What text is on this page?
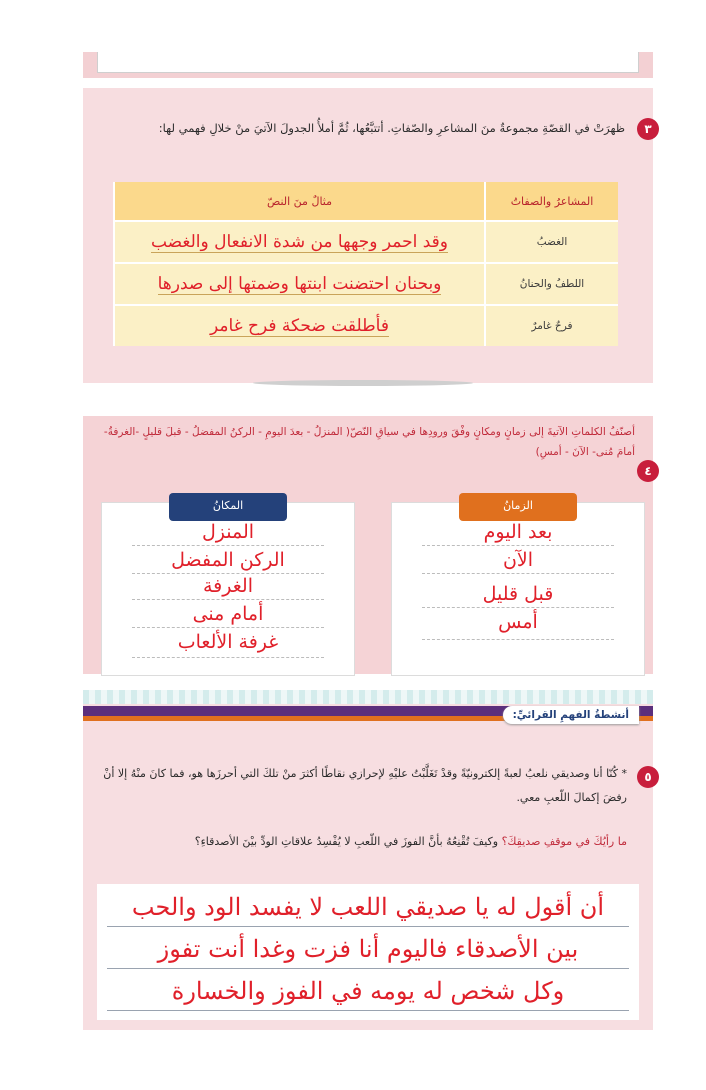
٣
ظهرَتْ في القصّةِ مجموعةٌ منَ المشاعرِ والصّفاتِ. أتتبَّعُها، ثُمَّ أملأُ الجدولَ الآتيَ منْ خلالِ فهمي لها:
المشاعرُ والصفاتُ	مثالٌ منَ النصّ
الغضبُ	وقد احمر وجهها من شدة الانفعال والغضب
اللطفُ والحنانُ	وبحنان احتضنت ابنتها وضمتها إلى صدرها
فرحٌ غامرٌ	فأطلقت ضحكة فرح غامر
٤
أصنّفُ الكلماتِ الآتيةَ إلى زمانٍ ومكانٍ وفْقَ ورودِها في سياقِ النّصّ( المنزلُ - بعدَ اليومِ - الركنُ المفضلُ - قبلَ قليلٍ -الغرفةُ- أمامَ مُنى- الآنَ - أمسِ)
الزمانُ
بعد اليوم
الآن
قبل قليل
أمس
المكانُ
المنزل
الركن المفضل
الغرفة
أمام منى
غرفة الألعاب
أنشطةُ الفهمِ القرائيِّ:
٥
* كُنّا أنا وصديقي نلعبُ لعبةً إلكترونيّةً وقدْ تَغَلَّبْتُ عليْهِ لإحرازي نقاطًا أكثرَ منْ تلكَ التي أحرزَها هو، فما كانَ منْهُ إلا أنْ رفضَ إكمالَ اللّعبِ معي.
ما رأيُكَ في موقفِ صديقِكَ؟ وكيفَ تُقْنِعُهُ بأنَّ الفوزَ في اللّعبِ لا يُفْسِدُ علاقاتِ الودِّ بيْنَ الأصدقاءِ؟
أن أقول له يا صديقي اللعب لا يفسد الود والحب
بين الأصدقاء فاليوم أنا فزت وغدا أنت تفوز
وكل شخص له يومه في الفوز والخسارة
